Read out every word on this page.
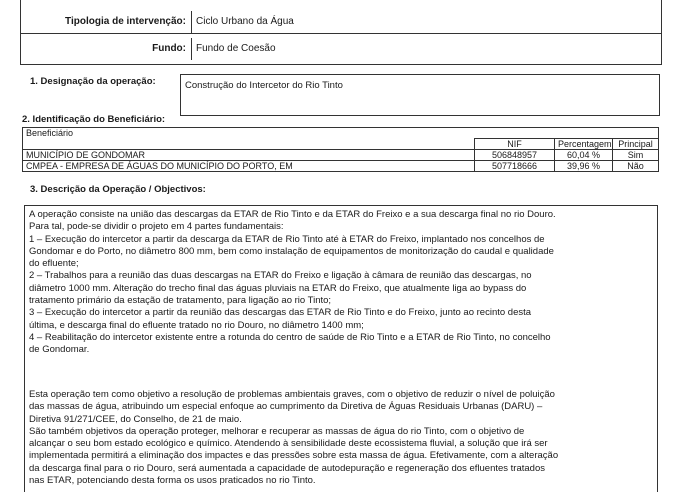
Tipologia de intervenção:	Ciclo Urbano da Água
Fundo:	Fundo de Coesão
1. Designação da operação:	Construção do Intercetor do Rio Tinto
2. Identificação do Beneficiário:
Beneficiário			
	NIF	Percentagem	Principal
MUNICÍPIO DE GONDOMAR	506848957	60,04 %	Sim
CMPEA - EMPRESA DE ÁGUAS DO MUNICÍPIO DO PORTO, EM	507718666	39,96 %	Não
3. Descrição da Operação / Objectivos:
A operação consiste na união das descargas da ETAR de Rio Tinto e da ETAR do Freixo e a sua descarga final no rio Douro.
Para tal, pode-se dividir o projeto em 4 partes fundamentais:
1 – Execução do intercetor a partir da descarga da ETAR de Rio Tinto até à ETAR do Freixo, implantado nos concelhos de
Gondomar e do Porto, no diâmetro 800 mm, bem como instalação de equipamentos de monitorização do caudal e qualidade
do efluente;
2 – Trabalhos para a reunião das duas descargas na ETAR do Freixo e ligação à câmara de reunião das descargas, no
diâmetro 1000 mm. Alteração do trecho final das águas pluviais na ETAR do Freixo, que atualmente liga ao bypass do
tratamento primário da estação de tratamento, para ligação ao rio Tinto;
3 – Execução do intercetor a partir da reunião das descargas das ETAR de Rio Tinto e do Freixo, junto ao recinto desta
última, e descarga final do efluente tratado no rio Douro, no diâmetro 1400 mm;
4 – Reabilitação do intercetor existente entre a rotunda do centro de saúde de Rio Tinto e a ETAR de Rio Tinto, no concelho
de Gondomar.
Esta operação tem como objetivo a resolução de problemas ambientais graves, com o objetivo de reduzir o nível de poluição
das massas de água, atribuindo um especial enfoque ao cumprimento da Diretiva de Águas Residuais Urbanas (DARU) –
Diretiva 91/271/CEE, do Conselho, de 21 de maio.
São também objetivos da operação proteger, melhorar e recuperar as massas de água do rio Tinto, com o objetivo de
alcançar o seu bom estado ecológico e químico. Atendendo à sensibilidade deste ecossistema fluvial, a solução que irá ser
implementada permitirá a eliminação dos impactes e das pressões sobre esta massa de água. Efetivamente, com a alteração
da descarga final para o rio Douro, será aumentada a capacidade de autodepuração e regeneração dos efluentes tratados
nas ETAR, potenciando desta forma os usos praticados no rio Tinto.
